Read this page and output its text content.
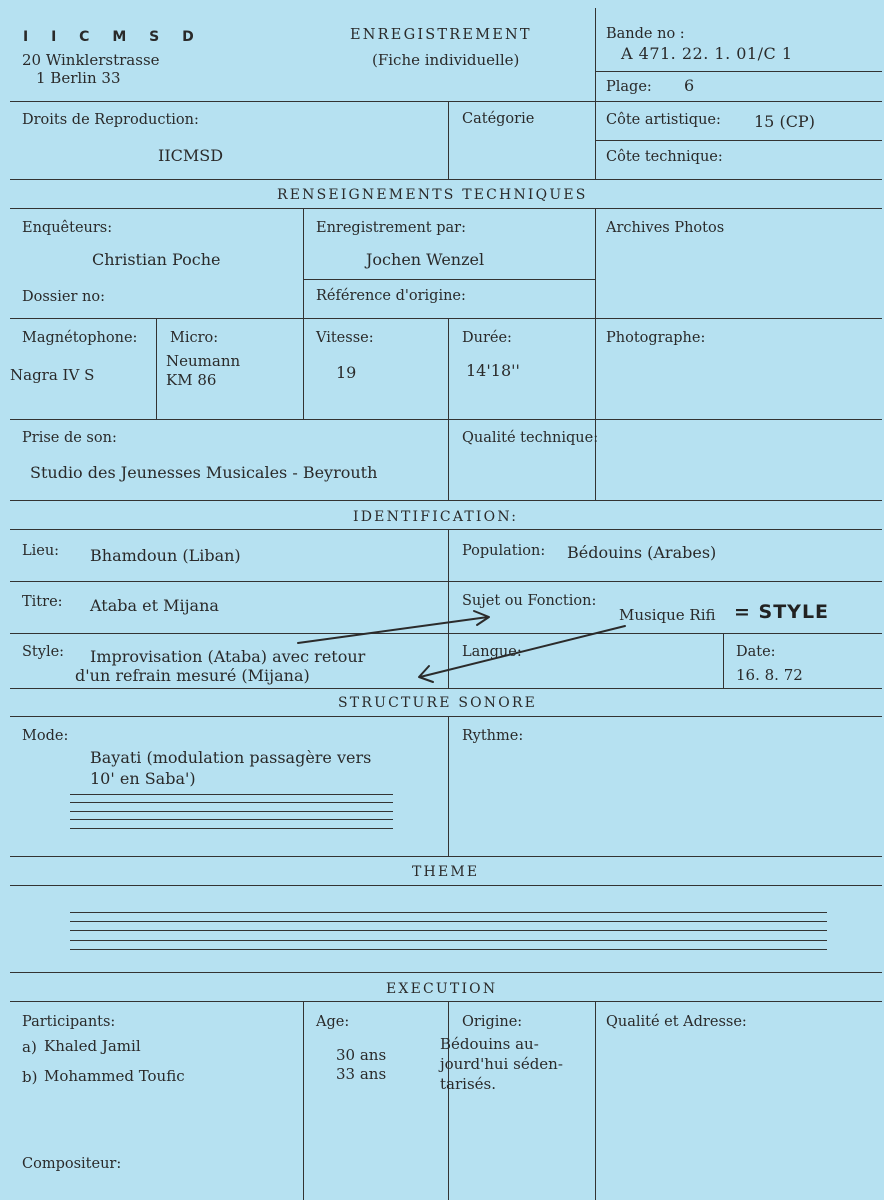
I I C M S D
20 Winklerstrasse
1 Berlin 33
ENREGISTREMENT
(Fiche individuelle)
Bande no :
A 471. 22. 1. 01/C 1
Plage: 6
Droits de Reproduction:
IICMSD
Catégorie	Côte artistique: 15 (CP)
Côte technique:
RENSEIGNEMENTS TECHNIQUES
Enquêteurs:
Christian Poche
Enregistrement par:
Jochen Wenzel
Archives Photos
Dossier no:	Référence d'origine:
Magnétophone:
Nagra IV S
Micro:
Neumann
KM 86
Vitesse:
19
Durée:
14'18''
Photographe:
Prise de son:
Studio des Jeunesses Musicales - Beyrouth
Qualité technique:
IDENTIFICATION:
Lieu: Bhamdoun (Liban)	Population: Bédouins (Arabes)
Titre: Ataba et Mijana	Sujet ou Fonction:
Musique Rifi = STYLE
Style: Improvisation (Ataba) avec retour
d'un refrain mesuré (Mijana)
Langue:	Date:
16. 8. 72
STRUCTURE SONORE
Mode:
Bayati (modulation passagère vers
10' en Saba')
Rythme:
THEME
EXECUTION
Participants:
a) Khaled Jamil
b) Mohammed Toufic
Age:
30 ans
33 ans
Origine:
Bédouins au-
jourd'hui séden-
tarisés.
Qualité et Adresse:
Compositeur:
